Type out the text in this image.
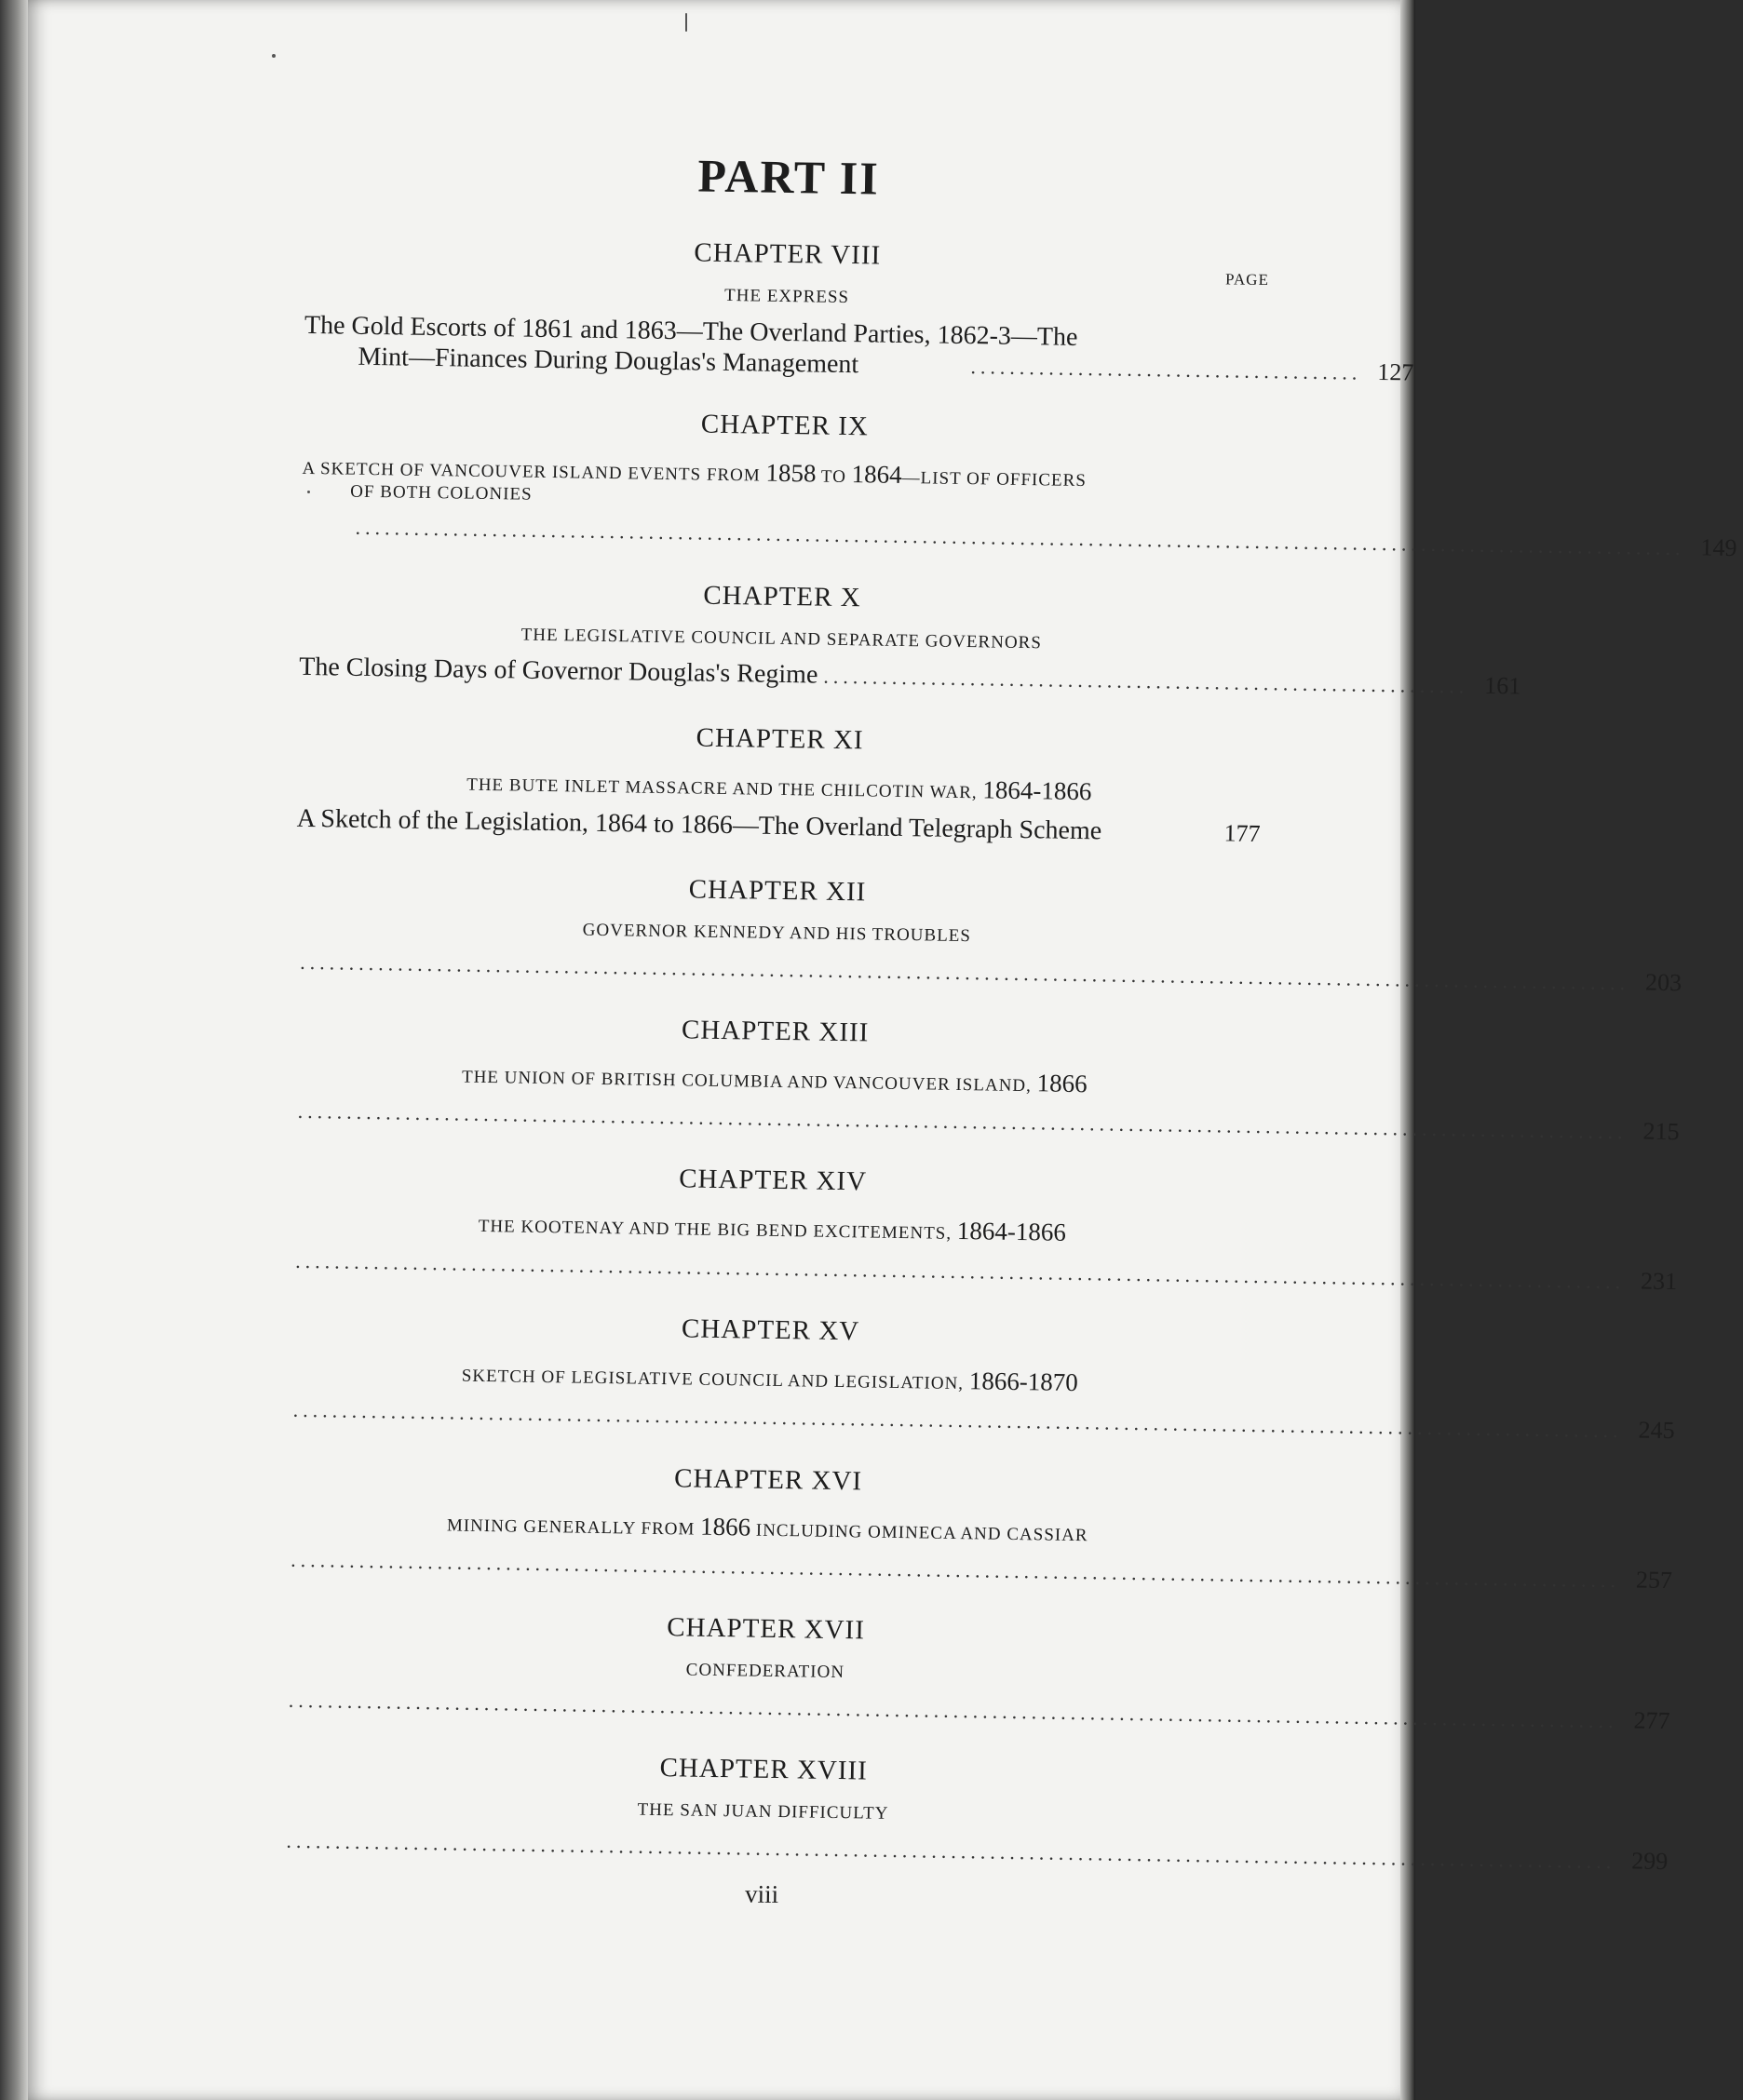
PART II
CHAPTER VIII
THE EXPRESS
PAGE
The Gold Escorts of 1861 and 1863—The Overland Parties, 1862-3—The
Mint—Finances During Douglas's Management	........................................ 127
CHAPTER IX
A SKETCH OF VANCOUVER ISLAND EVENTS FROM 1858 TO 1864—LIST OF OFFICERS
OF BOTH COLONIES
........................................................................................................................................ 149
CHAPTER X
THE LEGISLATIVE COUNCIL AND SEPARATE GOVERNORS
The Closing Days of Governor Douglas's Regime .................................................................. 161
CHAPTER XI
THE BUTE INLET MASSACRE AND THE CHILCOTIN WAR, 1864-1866
A Sketch of the Legislation, 1864 to 1866—The Overland Telegraph Scheme	177
CHAPTER XII
GOVERNOR KENNEDY AND HIS TROUBLES
........................................................................................................................................ 203
CHAPTER XIII
THE UNION OF BRITISH COLUMBIA AND VANCOUVER ISLAND, 1866
........................................................................................................................................ 215
CHAPTER XIV
THE KOOTENAY AND THE BIG BEND EXCITEMENTS, 1864-1866
........................................................................................................................................ 231
CHAPTER XV
SKETCH OF LEGISLATIVE COUNCIL AND LEGISLATION, 1866-1870
........................................................................................................................................ 245
CHAPTER XVI
MINING GENERALLY FROM 1866 INCLUDING OMINECA AND CASSIAR
........................................................................................................................................ 257
CHAPTER XVII
CONFEDERATION
........................................................................................................................................ 277
CHAPTER XVIII
THE SAN JUAN DIFFICULTY
........................................................................................................................................ 299
viii
